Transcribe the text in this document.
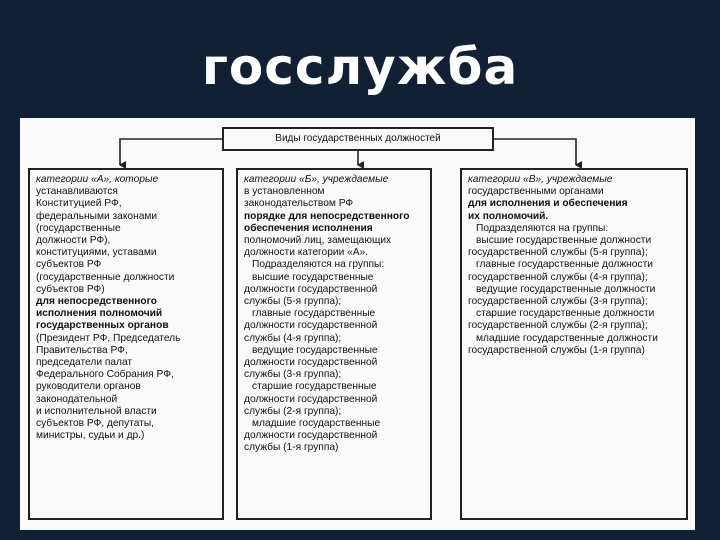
госслужба
Виды государственных должностей
категории «А», которые
устанавливаются
Конституцией РФ,
федеральными законами
(государственные
должности РФ),
конституциями, уставами
субъектов РФ
(государственные должности
субъектов РФ)
для непосредственного
исполнения полномочий
государственных органов
(Президент РФ, Председатель
Правительства РФ,
председатели палат
Федерального Собрания РФ,
руководители органов
законодательной
и исполнительной власти
субъектов РФ, депутаты,
министры, судьи и др.)
категории «Б», учреждаемые
в установленном
законодательством РФ
порядке для непосредственного
обеспечения исполнения
полномочий лиц, замещающих
должности категории «А».
Подразделяются на группы:
высшие государственные
должности государственной
службы (5-я группа);
главные государственные
должности государственной
службы (4-я группа);
ведущие государственные
должности государственной
службы (3-я группа);
старшие государственные
должности государственной
службы (2-я группа);
младшие государственные
должности государственной
службы (1-я группа)
категории «В», учреждаемые
государственными органами
для исполнения и обеспечения
их полномочий.
Подразделяются на группы:
высшие государственные должности
государственной службы (5-я группа);
главные государственные должности
государственной службы (4-я группа);
ведущие государственные должности
государственной службы (3-я группа);
старшие государственные должности
государственной службы (2-я группа);
младшие государственные должности
государственной службы (1-я группа)
